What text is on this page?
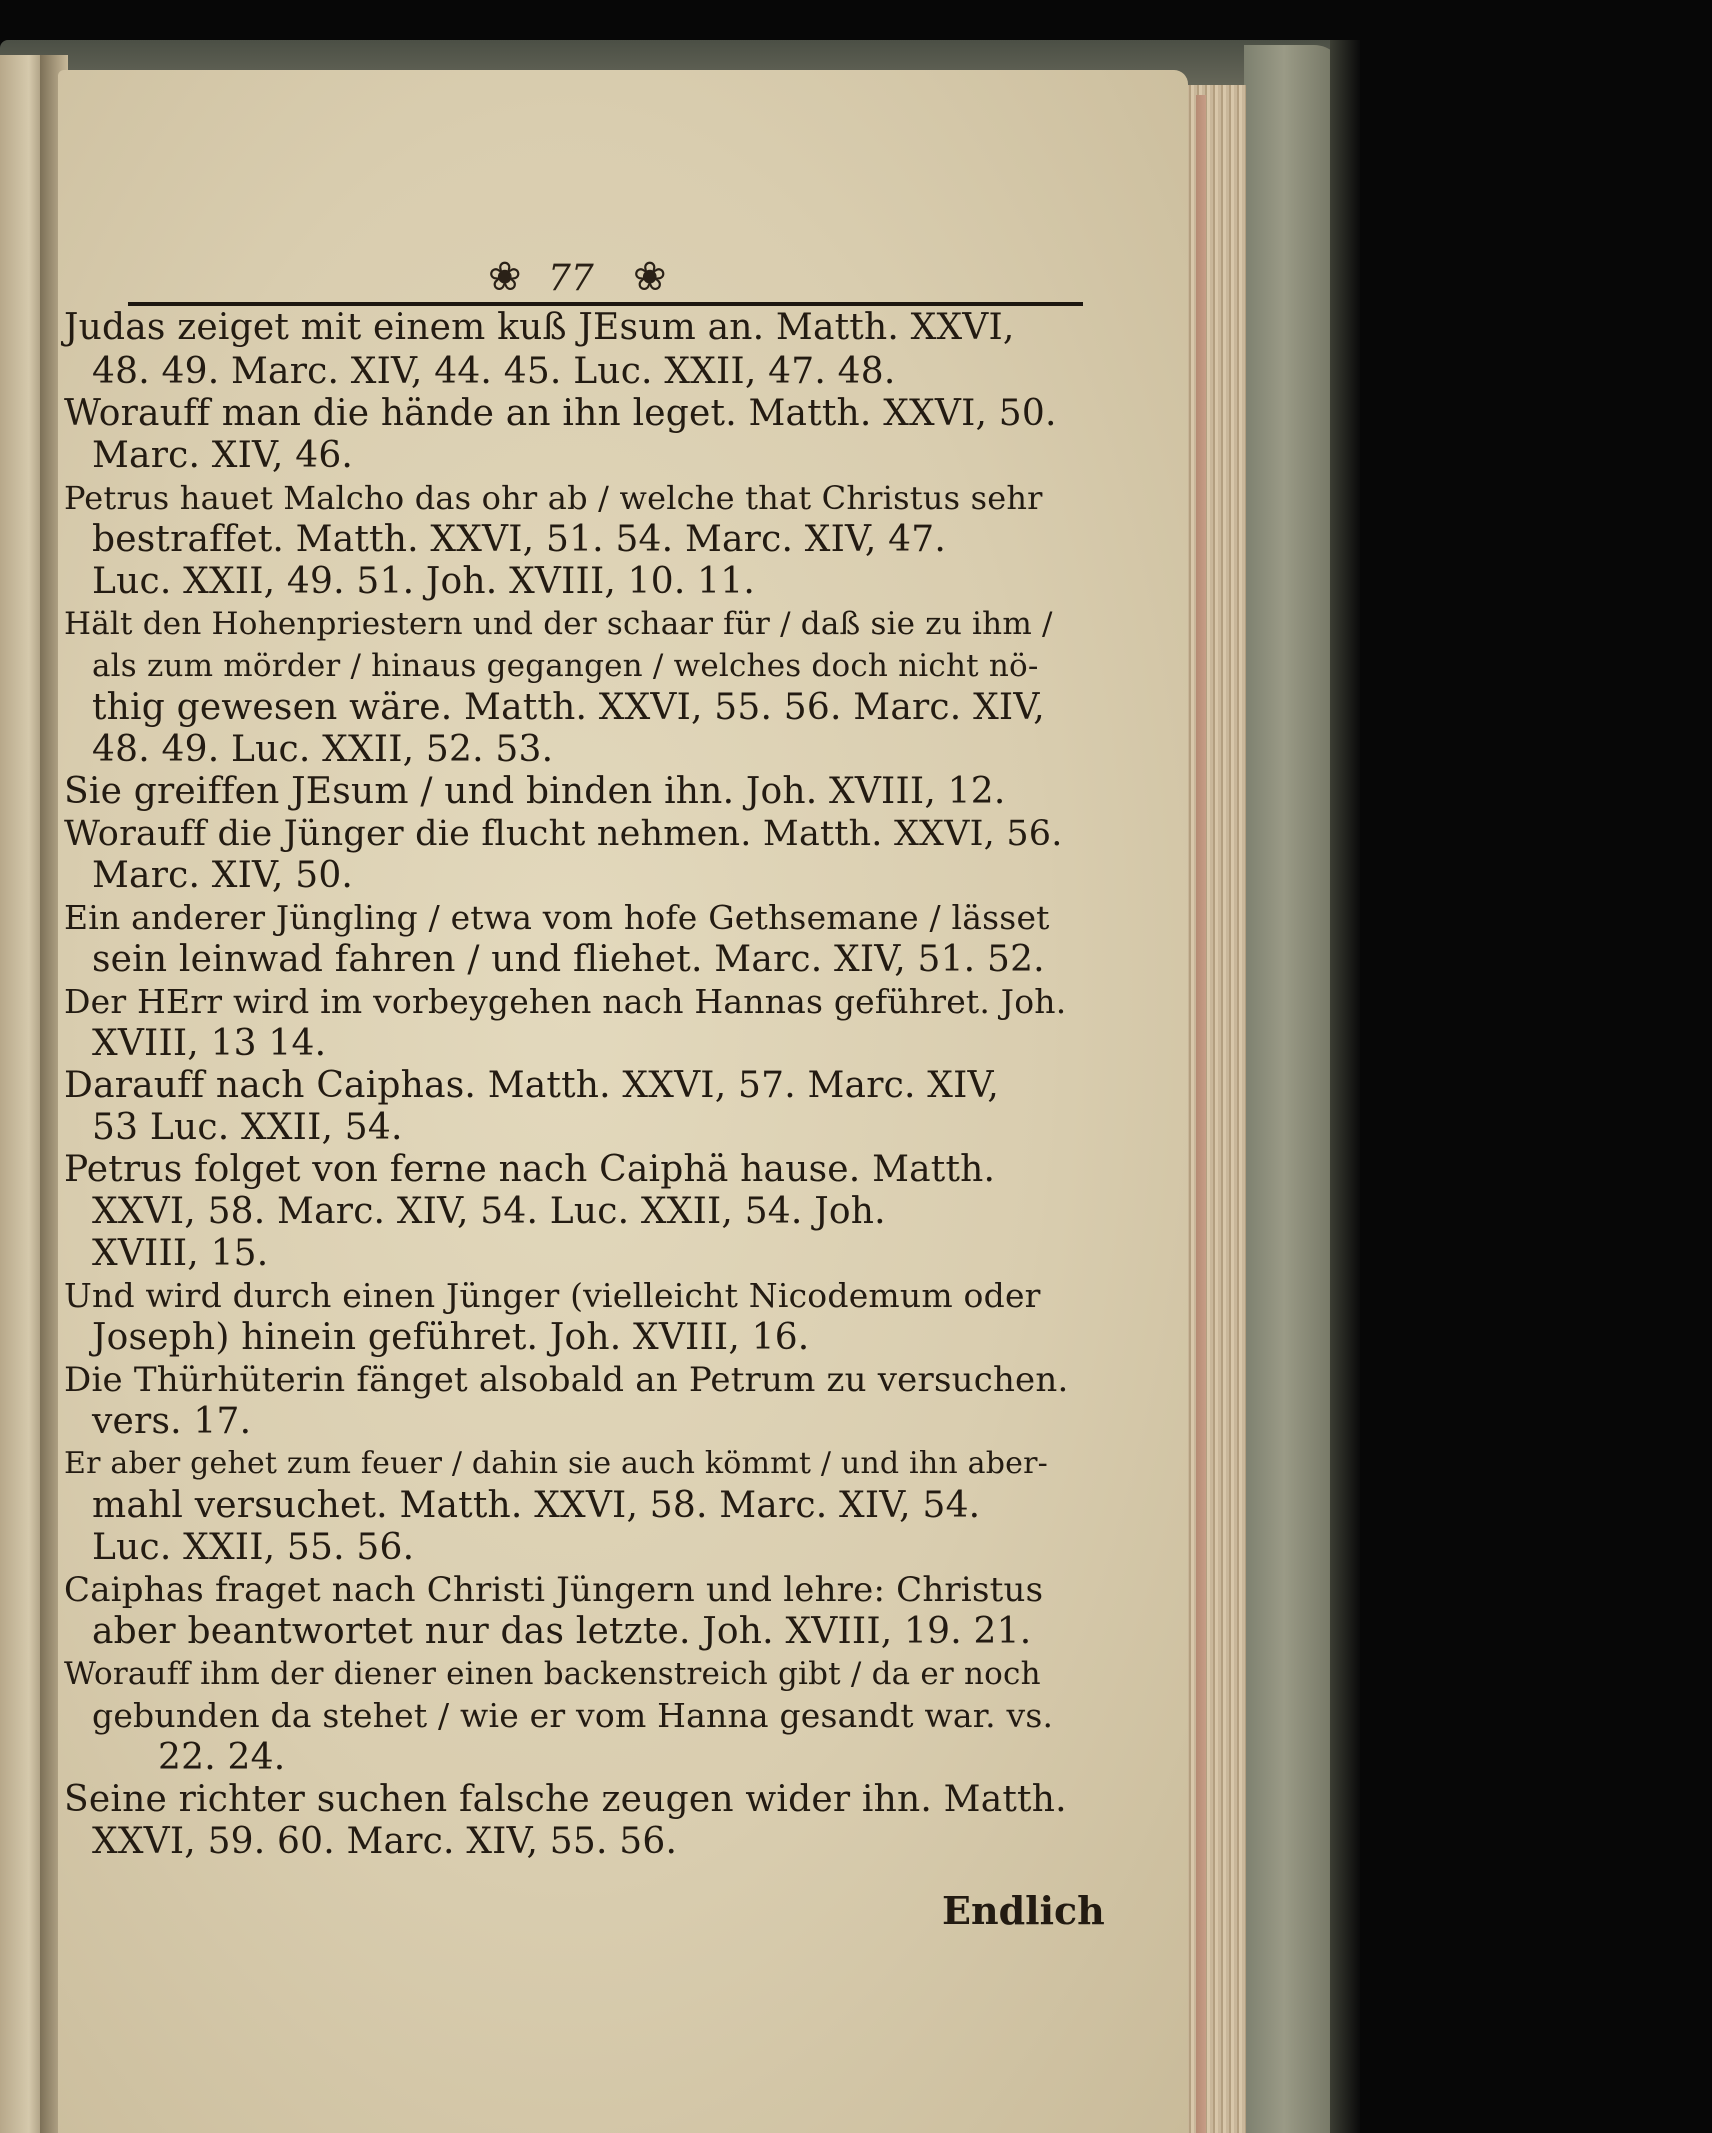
❀ 77 ❀
Judas zeiget mit einem kuß JEsum an. Matth. XXVI,
48. 49. Marc. XIV, 44. 45. Luc. XXII, 47. 48.
Worauff man die hände an ihn leget. Matth. XXVI, 50.
Marc. XIV, 46.
Petrus hauet Malcho das ohr ab / welche that Christus sehr
bestraffet. Matth. XXVI, 51. 54. Marc. XIV, 47.
Luc. XXII, 49. 51. Joh. XVIII, 10. 11.
Hält den Hohenpriestern und der schaar für / daß sie zu ihm /
als zum mörder / hinaus gegangen / welches doch nicht nö-
thig gewesen wäre. Matth. XXVI, 55. 56. Marc. XIV,
48. 49. Luc. XXII, 52. 53.
Sie greiffen JEsum / und binden ihn. Joh. XVIII, 12.
Worauff die Jünger die flucht nehmen. Matth. XXVI, 56.
Marc. XIV, 50.
Ein anderer Jüngling / etwa vom hofe Gethsemane / lässet
sein leinwad fahren / und fliehet. Marc. XIV, 51. 52.
Der HErr wird im vorbeygehen nach Hannas geführet. Joh.
XVIII, 13 14.
Darauff nach Caiphas. Matth. XXVI, 57. Marc. XIV,
53 Luc. XXII, 54.
Petrus folget von ferne nach Caiphä hause. Matth.
XXVI, 58. Marc. XIV, 54. Luc. XXII, 54. Joh.
XVIII, 15.
Und wird durch einen Jünger (vielleicht Nicodemum oder
Joseph) hinein geführet. Joh. XVIII, 16.
Die Thürhüterin fänget alsobald an Petrum zu versuchen.
vers. 17.
Er aber gehet zum feuer / dahin sie auch kömmt / und ihn aber-
mahl versuchet. Matth. XXVI, 58. Marc. XIV, 54.
Luc. XXII, 55. 56.
Caiphas fraget nach Christi Jüngern und lehre: Christus
aber beantwortet nur das letzte. Joh. XVIII, 19. 21.
Worauff ihm der diener einen backenstreich gibt / da er noch
gebunden da stehet / wie er vom Hanna gesandt war. vs.
22. 24.
Seine richter suchen falsche zeugen wider ihn. Matth.
XXVI, 59. 60. Marc. XIV, 55. 56.
Endlich
